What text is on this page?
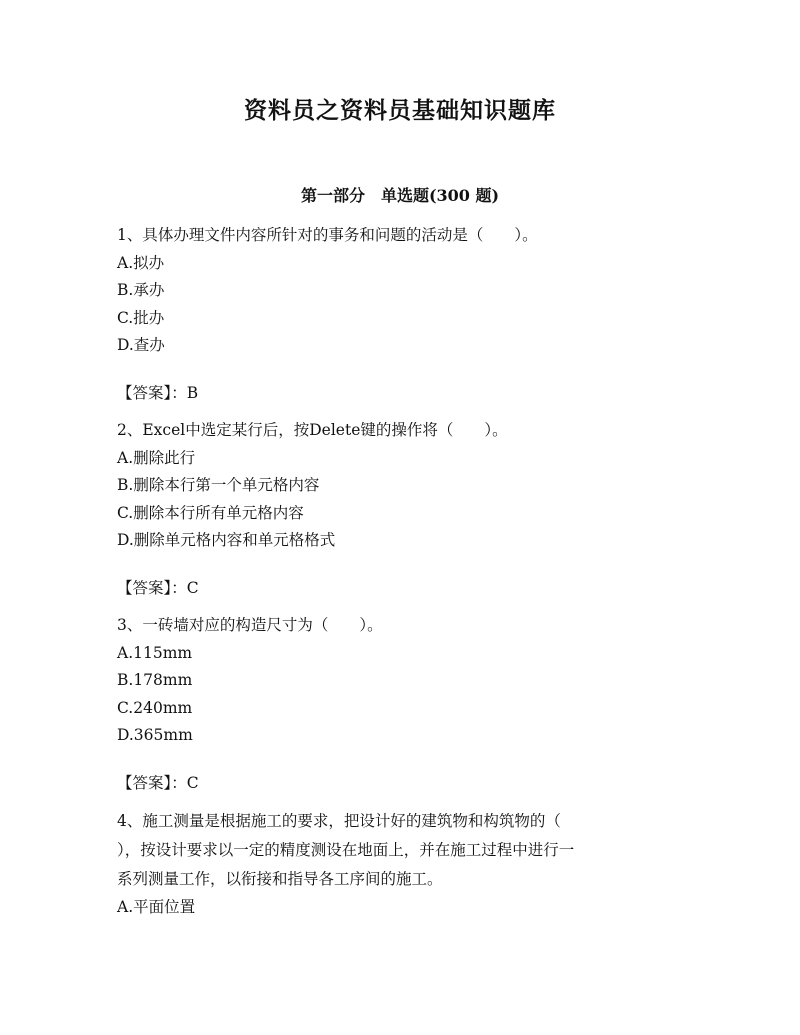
资料员之资料员基础知识题库
第一部分　单选题(300 题)

1、具体办理文件内容所针对的事务和问题的活动是（　　）。

A.拟办

B.承办

C.批办

D.查办

【答案】：B

2、Excel中选定某行后，按Delete键的操作将（　　）。

A.删除此行

B.删除本行第一个单元格内容

C.删除本行所有单元格内容

D.删除单元格内容和单元格格式

【答案】：C

3、一砖墙对应的构造尺寸为（　　）。

A.115mm

B.178mm

C.240mm

D.365mm

【答案】：C

4、施工测量是根据施工的要求，把设计好的建筑物和构筑物的（

），按设计要求以一定的精度测设在地面上，并在施工过程中进行一

系列测量工作，以衔接和指导各工序间的施工。

A.平面位置
